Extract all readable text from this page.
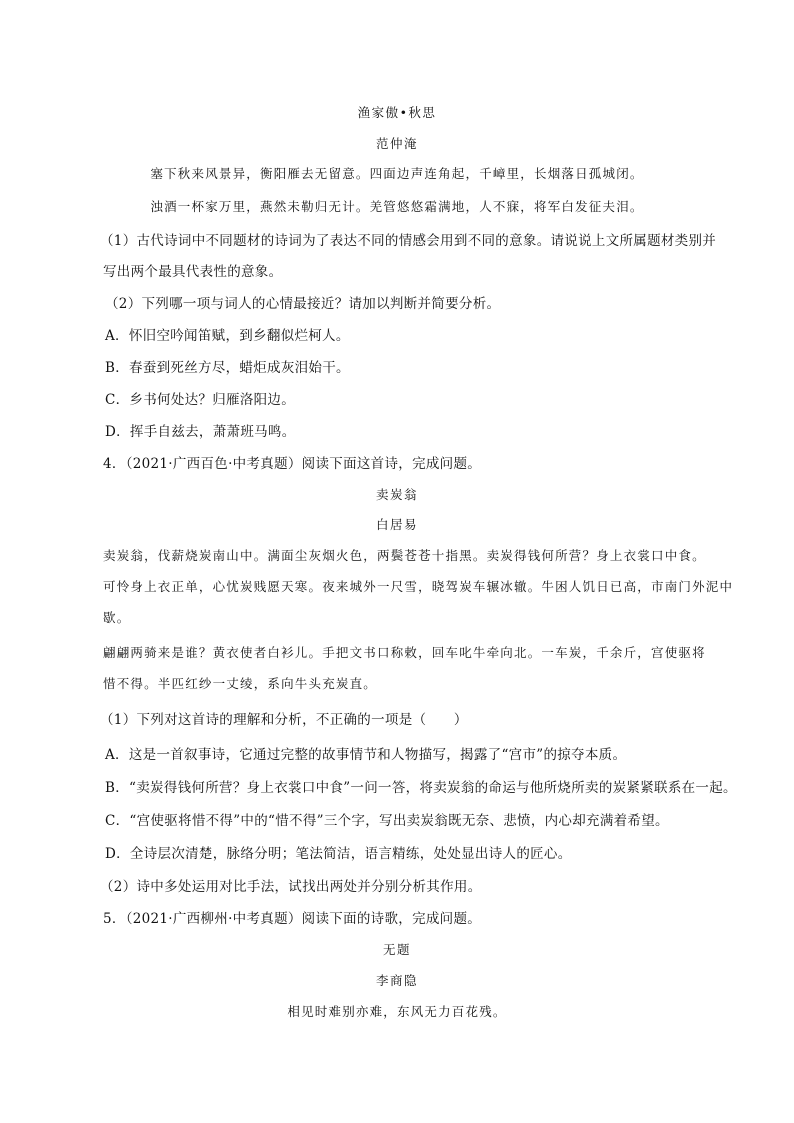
渔家傲•秋思
范仲淹
塞下秋来风景异，衡阳雁去无留意。四面边声连角起，千嶂里，长烟落日孤城闭。
浊酒一杯家万里，燕然未勒归无计。羌管悠悠霜满地，人不寐，将军白发征夫泪。
（1）古代诗词中不同题材的诗词为了表达不同的情感会用到不同的意象。请说说上文所属题材类别并
写出两个最具代表性的意象。
（2）下列哪一项与词人的心情最接近？请加以判断并简要分析。
A．怀旧空吟闻笛赋，到乡翻似烂柯人。
B．春蚕到死丝方尽，蜡炬成灰泪始干。
C．乡书何处达？归雁洛阳边。
D．挥手自兹去，萧萧班马鸣。
4．（2021·广西百色·中考真题）阅读下面这首诗，完成问题。
卖炭翁
白居易
卖炭翁，伐薪烧炭南山中。满面尘灰烟火色，两鬓苍苍十指黑。卖炭得钱何所营？身上衣裳口中食。
可怜身上衣正单，心忧炭贱愿天寒。夜来城外一尺雪，晓驾炭车辗冰辙。牛困人饥日已高，市南门外泥中
歇。
翩翩两骑来是谁？黄衣使者白衫儿。手把文书口称敕，回车叱牛牵向北。一车炭，千余斤，宫使驱将
惜不得。半匹红纱一丈绫，系向牛头充炭直。
（1）下列对这首诗的理解和分析，不正确的一项是（　　）
A．这是一首叙事诗，它通过完整的故事情节和人物描写，揭露了“宫市”的掠夺本质。
B．“卖炭得钱何所营？身上衣裳口中食”一问一答，将卖炭翁的命运与他所烧所卖的炭紧紧联系在一起。
C．“宫使驱将惜不得”中的“惜不得”三个字，写出卖炭翁既无奈、悲愤，内心却充满着希望。
D．全诗层次清楚，脉络分明；笔法简洁，语言精练，处处显出诗人的匠心。
（2）诗中多处运用对比手法，试找出两处并分别分析其作用。
5．（2021·广西柳州·中考真题）阅读下面的诗歌，完成问题。
无题
李商隐
相见时难别亦难，东风无力百花残。
